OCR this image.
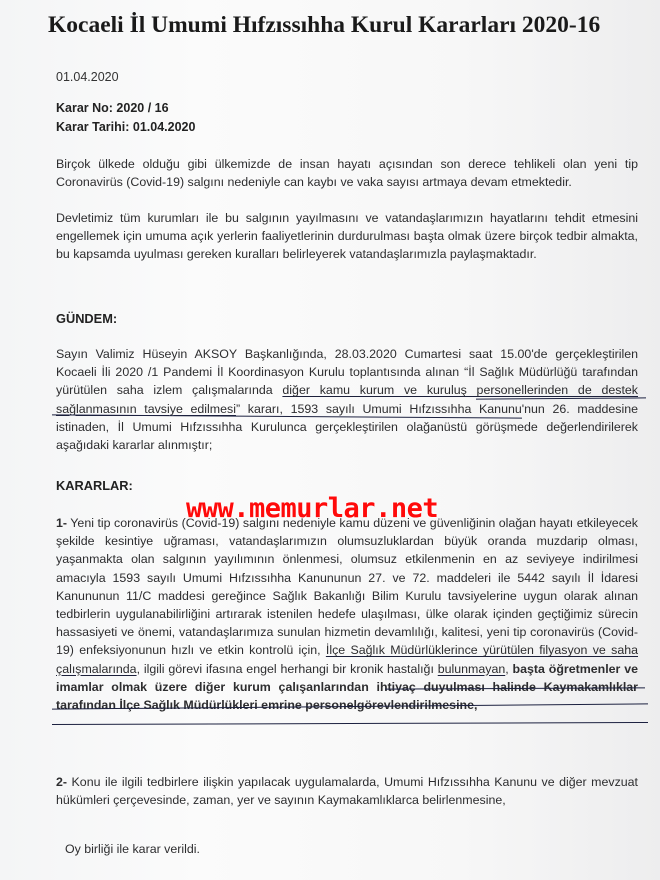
Kocaeli İl Umumi Hıfzıssıhha Kurul Kararları 2020-16
01.04.2020
Karar No: 2020 / 16
Karar Tarihi: 01.04.2020
Birçok ülkede olduğu gibi ülkemizde de insan hayatı açısından son derece tehlikeli olan yeni tip Coronavirüs (Covid-19) salgını nedeniyle can kaybı ve vaka sayısı artmaya devam etmektedir.
Devletimiz tüm kurumları ile bu salgının yayılmasını ve vatandaşlarımızın hayatlarını tehdit etmesini engellemek için umuma açık yerlerin faaliyetlerinin durdurulması başta olmak üzere birçok tedbir almakta, bu kapsamda uyulması gereken kuralları belirleyerek vatandaşlarımızla paylaşmaktadır.
GÜNDEM:
Sayın Valimiz Hüseyin AKSOY Başkanlığında, 28.03.2020 Cumartesi saat 15.00'de gerçekleştirilen Kocaeli İli 2020 /1 Pandemi İl Koordinasyon Kurulu toplantısında alınan “İl Sağlık Müdürlüğü tarafından yürütülen saha izlem çalışmalarında diğer kamu kurum ve kuruluş personellerinden de destek sağlanmasının tavsiye edilmesi” kararı, 1593 sayılı Umumi Hıfzıssıhha Kanunu'nun 26. maddesine istinaden, İl Umumi Hıfzıssıhha Kurulunca gerçekleştirilen olağanüstü görüşmede değerlendirilerek aşağıdaki kararlar alınmıştır;
KARARLAR:
1- Yeni tip coronavirüs (Covid-19) salgını nedeniyle kamu düzeni ve güvenliğinin olağan hayatı etkileyecek şekilde kesintiye uğraması, vatandaşlarımızın olumsuzluklardan büyük oranda muzdarip olması, yaşanmakta olan salgının yayılımının önlenmesi, olumsuz etkilenmenin en az seviyeye indirilmesi amacıyla 1593 sayılı Umumi Hıfzıssıhha Kanununun 27. ve 72. maddeleri ile 5442 sayılı İl İdaresi Kanununun 11/C maddesi gereğince Sağlık Bakanlığı Bilim Kurulu tavsiyelerine uygun olarak alınan tedbirlerin uygulanabilirliğini artırarak istenilen hedefe ulaşılması, ülke olarak içinden geçtiğimiz sürecin hassasiyeti ve önemi, vatandaşlarımıza sunulan hizmetin devamlılığı, kalitesi, yeni tip coronavirüs (Covid-19) enfeksiyonunun hızlı ve etkin kontrolü için, İlçe Sağlık Müdürlüklerince yürütülen filyasyon ve saha çalışmalarında, ilgili görevi ifasına engel herhangi bir kronik hastalığı bulunmayan, başta öğretmenler ve imamlar olmak üzere diğer kurum çalışanlarından ihtiyaç duyulması halinde Kaymakamlıklar tarafından İlçe Sağlık Müdürlükleri emrine personelgörevlendirilmesine,
2- Konu ile ilgili tedbirlere ilişkin yapılacak uygulamalarda, Umumi Hıfzıssıhha Kanunu ve diğer mevzuat hükümleri çerçevesinde, zaman, yer ve sayının Kaymakamlıklarca belirlenmesine,
Oy birliği ile karar verildi.
www.memurlar.net
